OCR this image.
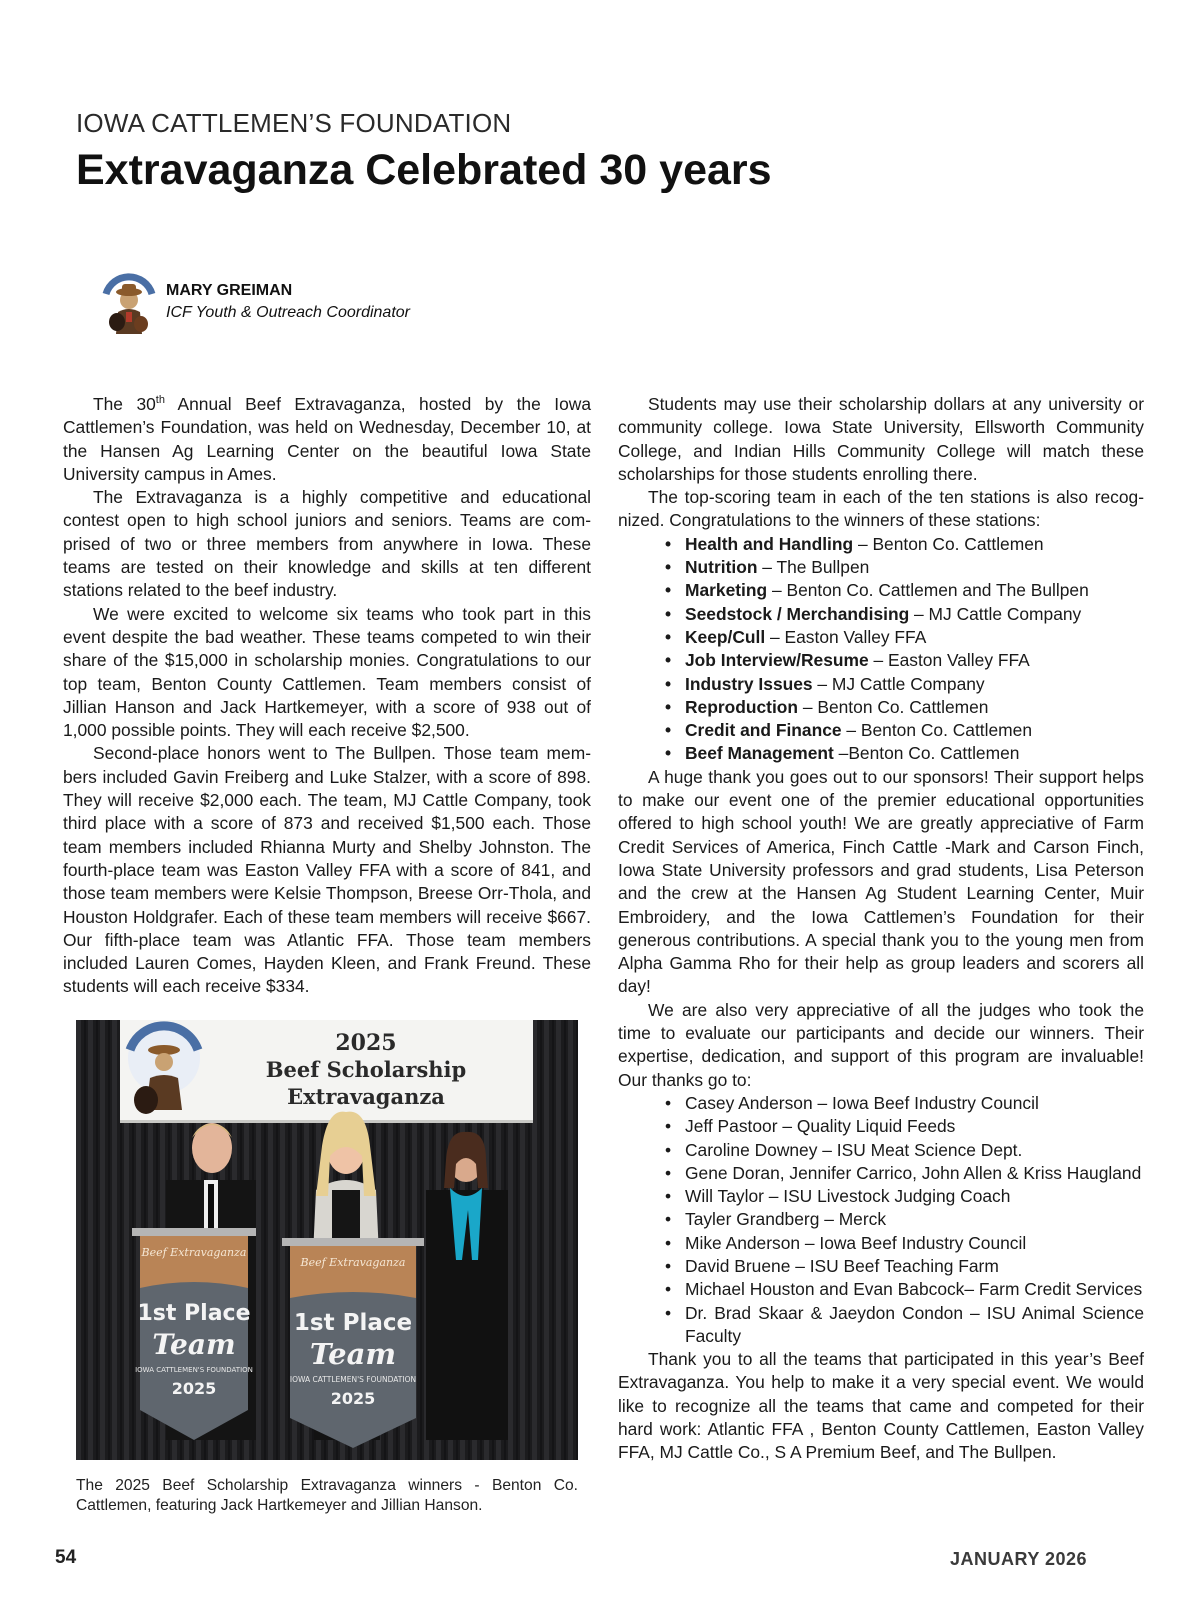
IOWA CATTLEMEN’S FOUNDATION
Extravaganza Celebrated 30 years
MARY GREIMAN
ICF Youth & Outreach Coordinator

The 30th Annual Beef Extravaganza, hosted by the Iowa Cattlemen’s Foundation, was held on Wednesday, December 10, at the Hansen Ag Learning Center on the beautiful Iowa State University campus in Ames.

The Extravaganza is a highly competitive and educational contest open to high school juniors and seniors. Teams are comprised of two or three members from anywhere in Iowa. These teams are tested on their knowledge and skills at ten different stations related to the beef industry.

We were excited to welcome six teams who took part in this event despite the bad weather. These teams competed to win their share of the $15,000 in scholarship monies. Congratulations to our top team, Benton County Cattlemen. Team members consist of Jillian Hanson and Jack Hartkemeyer, with a score of 938 out of 1,000 possible points. They will each receive $2,500.

Second-place honors went to The Bullpen. Those team members included Gavin Freiberg and Luke Stalzer, with a score of 898. They will receive $2,000 each. The team, MJ Cattle Company, took third place with a score of 873 and received $1,500 each. Those team members included Rhianna Murty and Shelby Johnston. The fourth-place team was Easton Valley FFA with a score of 841, and those team members were Kelsie Thompson, Breese Orr-Thola, and Houston Holdgrafer. Each of these team members will receive $667. Our fifth-place team was Atlantic FFA. Those team members included Lauren Comes, Hayden Kleen, and Frank Freund. These students will each receive $334.

2025
Beef Scholarship
Extravaganza
Beef Extravaganza
1st Place
Team
IOWA CATTLEMEN'S FOUNDATION
2025
Beef Extravaganza
1st Place
Team
IOWA CATTLEMEN'S FOUNDATION
2025
The 2025 Beef Scholarship Extravaganza winners - Benton Co. Cattlemen, featuring Jack Hartkemeyer and Jillian Hanson.

Students may use their scholarship dollars at any university or community college. Iowa State University, Ellsworth Community College, and Indian Hills Community College will match these scholarships for those students enrolling there.

The top-scoring team in each of the ten stations is also recognized. Congratulations to the winners of these stations:

• Health and Handling – Benton Co. Cattlemen
• Nutrition – The Bullpen
• Marketing – Benton Co. Cattlemen and The Bullpen
• Seedstock / Merchandising – MJ Cattle Company
• Keep/Cull – Easton Valley FFA
• Job Interview/Resume – Easton Valley FFA
• Industry Issues – MJ Cattle Company
• Reproduction – Benton Co. Cattlemen
• Credit and Finance – Benton Co. Cattlemen
• Beef Management –Benton Co. Cattlemen

A huge thank you goes out to our sponsors! Their support helps to make our event one of the premier educational opportunities offered to high school youth! We are greatly appreciative of Farm Credit Services of America, Finch Cattle -Mark and Carson Finch, Iowa State University professors and grad students, Lisa Peterson and the crew at the Hansen Ag Student Learning Center, Muir Embroidery, and the Iowa Cattlemen’s Foundation for their generous contributions. A special thank you to the young men from Alpha Gamma Rho for their help as group leaders and scorers all day!

We are also very appreciative of all the judges who took the time to evaluate our participants and decide our winners. Their expertise, dedication, and support of this program are invaluable! Our thanks go to:

• Casey Anderson – Iowa Beef Industry Council
• Jeff Pastoor – Quality Liquid Feeds
• Caroline Downey – ISU Meat Science Dept.
• Gene Doran, Jennifer Carrico, John Allen & Kriss Haugland
• Will Taylor – ISU Livestock Judging Coach
• Tayler Grandberg – Merck
• Mike Anderson – Iowa Beef Industry Council
• David Bruene – ISU Beef Teaching Farm
• Michael Houston and Evan Babcock– Farm Credit Services
• Dr. Brad Skaar & Jaeydon Condon – ISU Animal Science Faculty

Thank you to all the teams that participated in this year’s Beef Extravaganza. You help to make it a very special event. We would like to recognize all the teams that came and competed for their hard work: Atlantic FFA , Benton County Cattlemen, Easton Valley FFA, MJ Cattle Co., S A Premium Beef, and The Bullpen.

54	JANUARY 2026
